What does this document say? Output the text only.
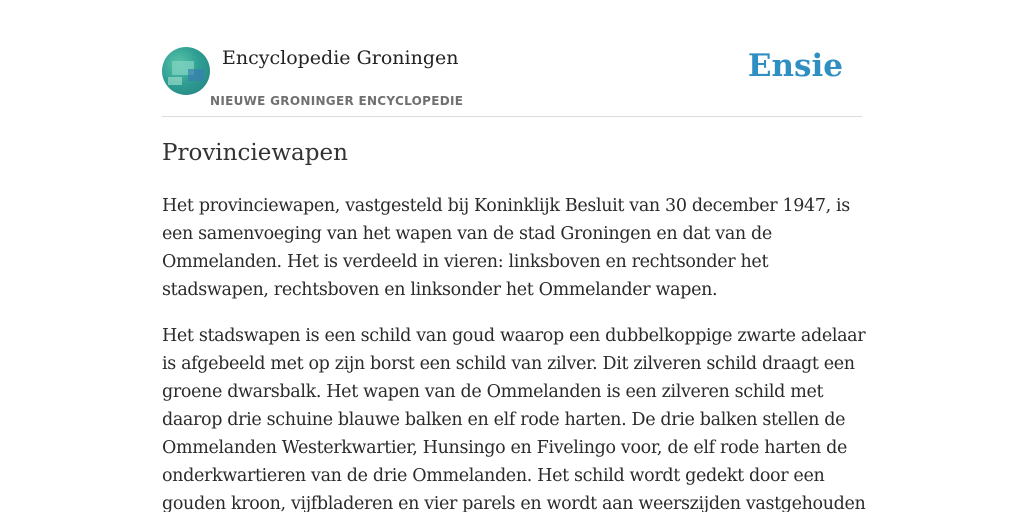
Encyclopedie Groningen
NIEUWE GRONINGER ENCYCLOPEDIE
Ensie
Provinciewapen

Het provinciewapen, vastgesteld bij Koninklijk Besluit van 30 december 1947, is een samenvoeging van het wapen van de stad Groningen en dat van de Ommelanden. Het is verdeeld in vieren: linksboven en rechtsonder het stadswapen, rechtsboven en linksonder het Ommelander wapen.

Het stadswapen is een schild van goud waarop een dubbelkoppige zwarte adelaar is afgebeeld met op zijn borst een schild van zilver. Dit zilveren schild draagt een groene dwarsbalk. Het wapen van de Ommelanden is een zilveren schild met daarop drie schuine blauwe balken en elf rode harten. De drie balken stellen de Ommelanden Westerkwartier, Hunsingo en Fivelingo voor, de elf rode harten de onderkwartieren van de drie Ommelanden. Het schild wordt gedekt door een gouden kroon, vijfbladeren en vier parels en wordt aan weerszijden vastgehouden
